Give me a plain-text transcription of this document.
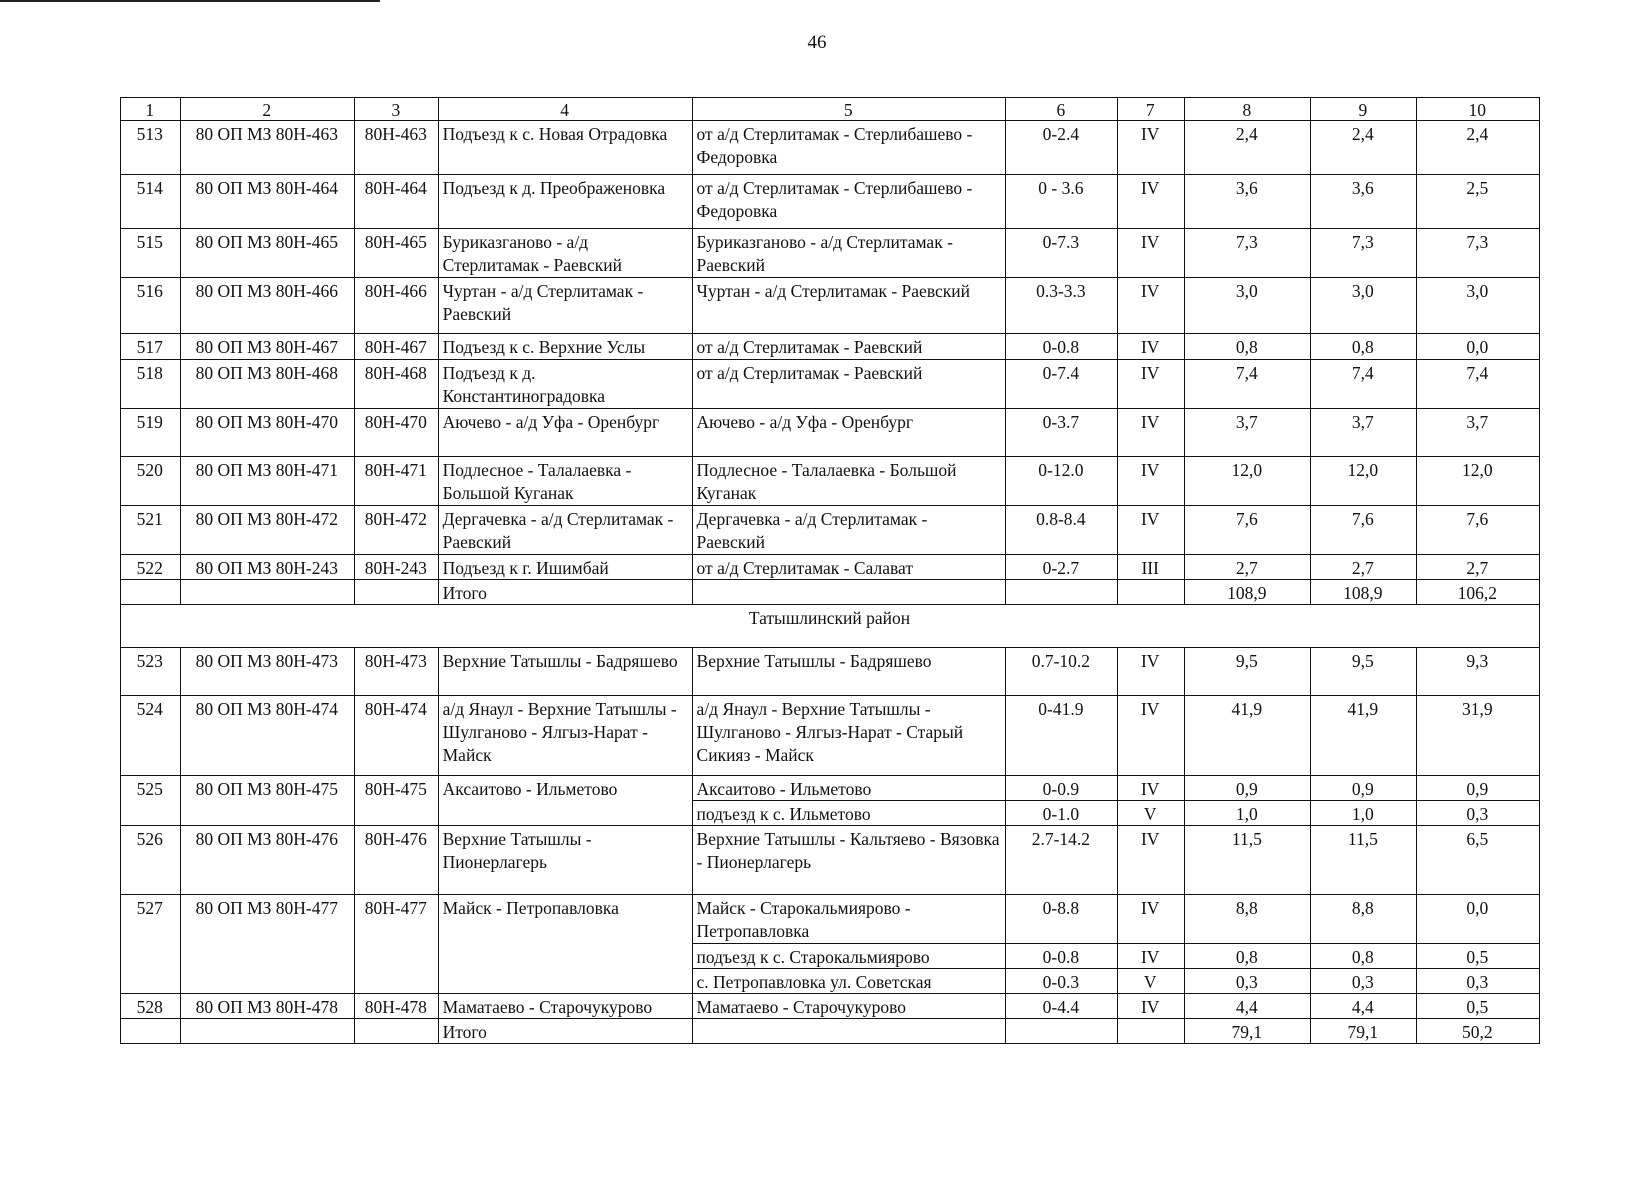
46
1	2	3	4	5	6	7	8	9	10
513	80 ОП МЗ 80Н-463	80Н-463	Подъезд к с. Новая Отрадовка	от а/д Стерлитамак - Стерлибашево - Федоровка	0-2.4	IV	2,4	2,4	2,4
514	80 ОП МЗ 80Н-464	80Н-464	Подъезд к д. Преображеновка	от а/д Стерлитамак - Стерлибашево - Федоровка	0 - 3.6	IV	3,6	3,6	2,5
515	80 ОП МЗ 80Н-465	80Н-465	Буриказганово - а/д Стерлитамак - Раевский	Буриказганово - а/д Стерлитамак - Раевский	0-7.3	IV	7,3	7,3	7,3
516	80 ОП МЗ 80Н-466	80Н-466	Чуртан - а/д Стерлитамак - Раевский	Чуртан - а/д Стерлитамак - Раевский	0.3-3.3	IV	3,0	3,0	3,0
517	80 ОП МЗ 80Н-467	80Н-467	Подъезд к с. Верхние Услы	от а/д Стерлитамак - Раевский	0-0.8	IV	0,8	0,8	0,0
518	80 ОП МЗ 80Н-468	80Н-468	Подъезд к д. Константиноградовка	от а/д Стерлитамак - Раевский	0-7.4	IV	7,4	7,4	7,4
519	80 ОП МЗ 80Н-470	80Н-470	Аючево - а/д Уфа - Оренбург	Аючево - а/д Уфа - Оренбург	0-3.7	IV	3,7	3,7	3,7
520	80 ОП МЗ 80Н-471	80Н-471	Подлесное - Талалаевка - Большой Куганак	Подлесное - Талалаевка - Большой Куганак	0-12.0	IV	12,0	12,0	12,0
521	80 ОП МЗ 80Н-472	80Н-472	Дергачевка - а/д Стерлитамак - Раевский	Дергачевка - а/д Стерлитамак - Раевский	0.8-8.4	IV	7,6	7,6	7,6
522	80 ОП МЗ 80Н-243	80Н-243	Подъезд к г. Ишимбай	от а/д Стерлитамак - Салават	0-2.7	III	2,7	2,7	2,7
			Итого				108,9	108,9	106,2
Татышлинский район									
523	80 ОП МЗ 80Н-473	80Н-473	Верхние Татышлы - Бадряшево	Верхние Татышлы - Бадряшево	0.7-10.2	IV	9,5	9,5	9,3
524	80 ОП МЗ 80Н-474	80Н-474	а/д Янаул - Верхние Татышлы - Шулганово - Ялгыз-Нарат - Майск	а/д Янаул - Верхние Татышлы - Шулганово - Ялгыз-Нарат - Старый Сикияз - Майск	0-41.9	IV	41,9	41,9	31,9
525	80 ОП МЗ 80Н-475	80Н-475	Аксаитово - Ильметово	Аксаитово - Ильметово	0-0.9	IV	0,9	0,9	0,9
				подъезд к с. Ильметово	0-1.0	V	1,0	1,0	0,3
526	80 ОП МЗ 80Н-476	80Н-476	Верхние Татышлы - Пионерлагерь	Верхние Татышлы - Кальтяево - Вязовка - Пионерлагерь	2.7-14.2	IV	11,5	11,5	6,5
527	80 ОП МЗ 80Н-477	80Н-477	Майск - Петропавловка	Майск - Старокальмиярово - Петропавловка	0-8.8	IV	8,8	8,8	0,0
				подъезд к с. Старокальмиярово	0-0.8	IV	0,8	0,8	0,5
				с. Петропавловка ул. Советская	0-0.3	V	0,3	0,3	0,3
528	80 ОП МЗ 80Н-478	80Н-478	Маматаево - Старочукурово	Маматаево - Старочукурово	0-4.4	IV	4,4	4,4	0,5
			Итого				79,1	79,1	50,2
